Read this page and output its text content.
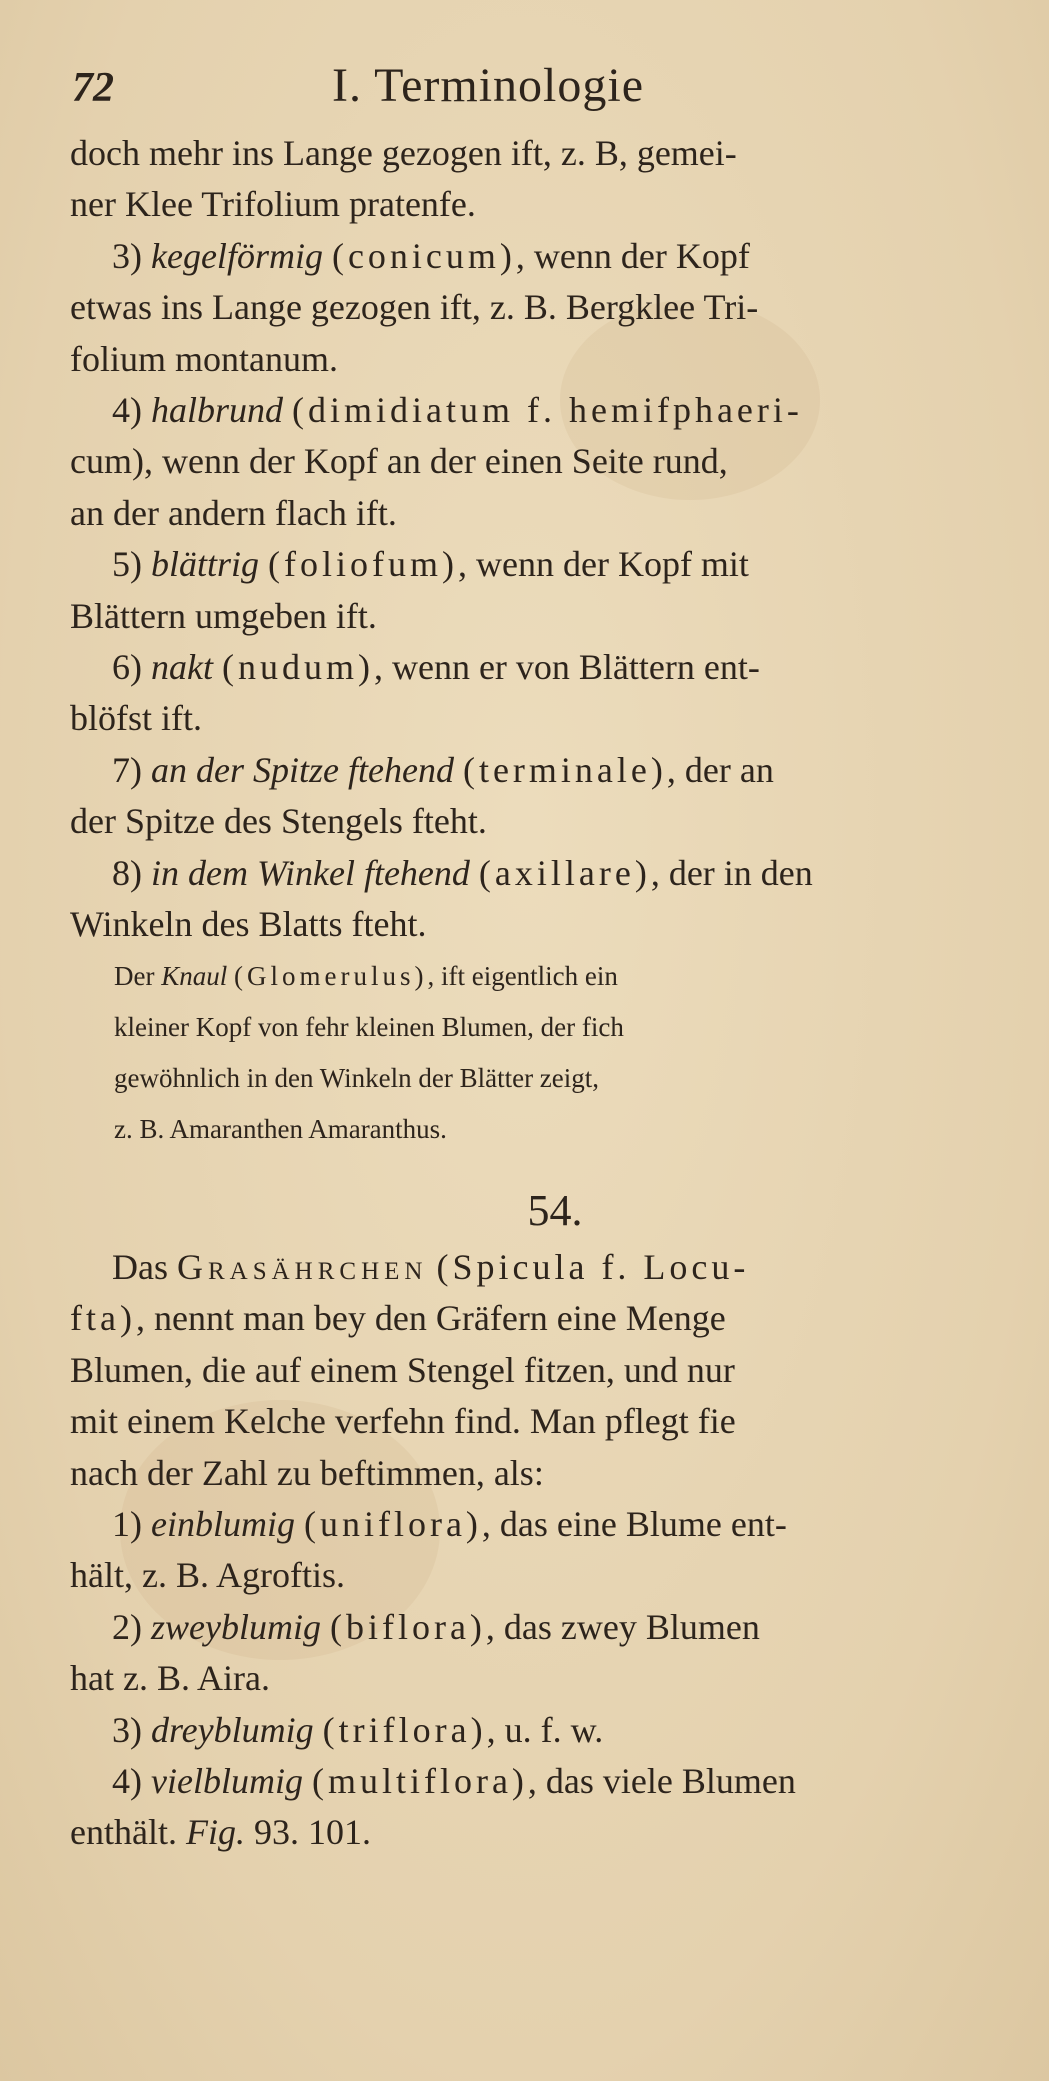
72	I. Terminologie

doch mehr ins Lange gezogen ift, z. B, gemei-

ner Klee Trifolium pratenfe.

3) kegelförmig (conicum), wenn der Kopf

etwas ins Lange gezogen ift, z. B. Bergklee Tri-

folium montanum.

4) halbrund (dimidiatum f. hemifphaeri-

cum), wenn der Kopf an der einen Seite rund,

an der andern flach ift.

5) blättrig (foliofum), wenn der Kopf mit

Blättern umgeben ift.

6) nakt (nudum), wenn er von Blättern ent-

blöfst ift.

7) an der Spitze ftehend (terminale), der an

der Spitze des Stengels fteht.

8) in dem Winkel ftehend (axillare), der in den

Winkeln des Blatts fteht.

Der Knaul (Glomerulus), ift eigentlich ein

kleiner Kopf von fehr kleinen Blumen, der fich

gewöhnlich in den Winkeln der Blätter zeigt,

z. B. Amaranthen Amaranthus.

54.

Das Grasährchen (Spicula f. Locu-

fta), nennt man bey den Gräfern eine Menge

Blumen, die auf einem Stengel fitzen, und nur

mit einem Kelche verfehn find. Man pflegt fie

nach der Zahl zu beftimmen, als:

1) einblumig (uniflora), das eine Blume ent-

hält, z. B. Agroftis.

2) zweyblumig (biflora), das zwey Blumen

hat z. B. Aira.

3) dreyblumig (triflora), u. f. w.

4) vielblumig (multiflora), das viele Blumen

enthält. Fig. 93. 101.
